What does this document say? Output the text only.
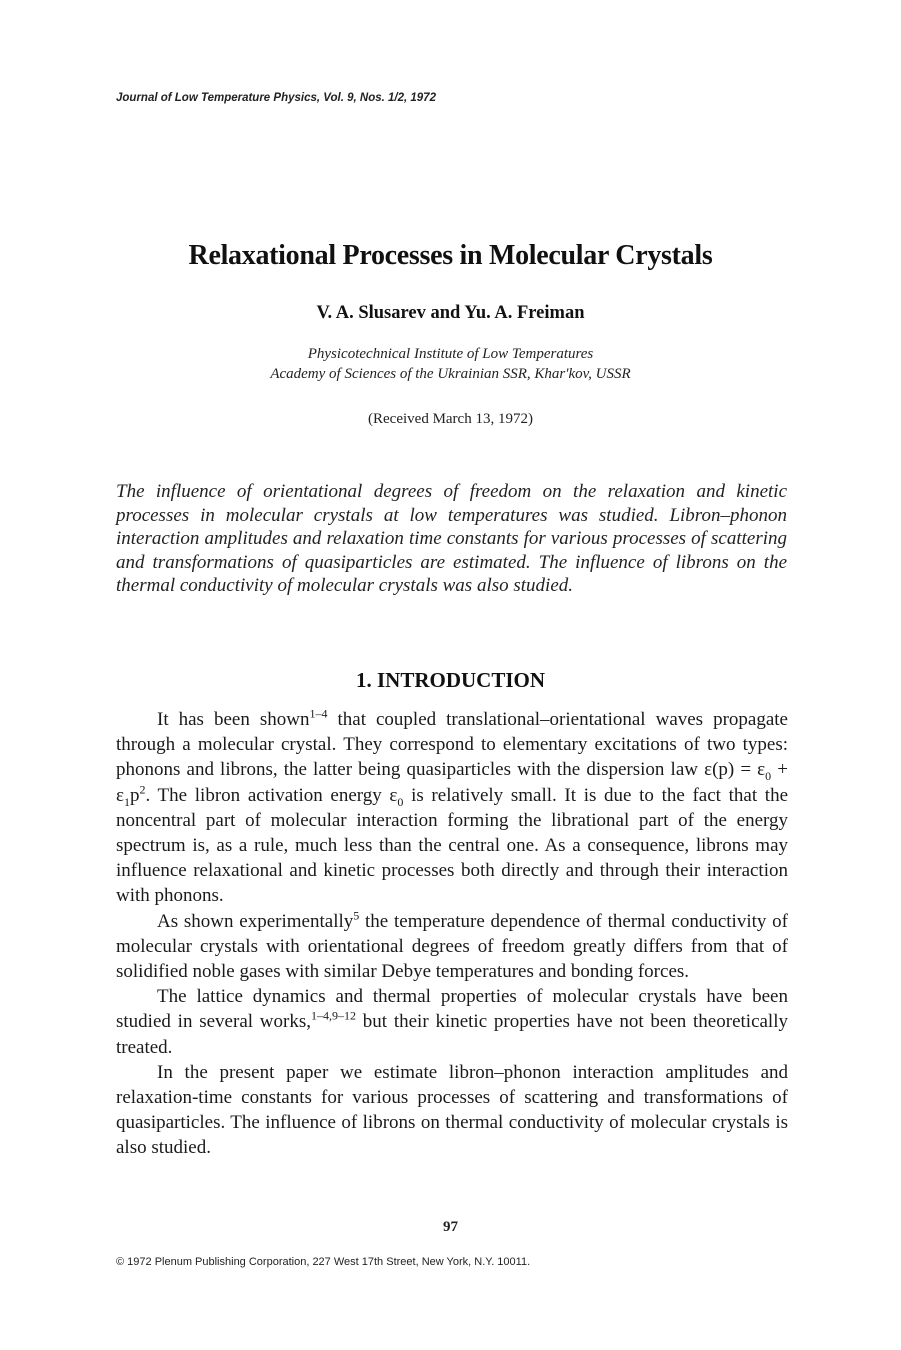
Journal of Low Temperature Physics, Vol. 9, Nos. 1/2, 1972
Relaxational Processes in Molecular Crystals
V. A. Slusarev and Yu. A. Freiman
Physicotechnical Institute of Low Temperatures
Academy of Sciences of the Ukrainian SSR, Khar'kov, USSR
(Received March 13, 1972)
The influence of orientational degrees of freedom on the relaxation and kinetic processes in molecular crystals at low temperatures was studied. Libron–phonon interaction amplitudes and relaxation time constants for various processes of scattering and transformations of quasiparticles are estimated. The influence of librons on the thermal conductivity of molecular crystals was also studied.
1. INTRODUCTION

It has been shown$^{1-4}$ that coupled translational–orientational waves propagate through a molecular crystal. They correspond to elementary excitations of two types: phonons and librons, the latter being quasiparticles with the dispersion law $\varepsilon(p) = \varepsilon_0 + \varepsilon_1p^2$. The libron activation energy $\varepsilon_0$ is relatively small. It is due to the fact that the noncentral part of molecular interaction forming the librational part of the energy spectrum is, as a rule, much less than the central one. As a consequence, librons may influence relaxational and kinetic processes both directly and through their interaction with phonons.

As shown experimentally$^5$ the temperature dependence of thermal conductivity of molecular crystals with orientational degrees of freedom greatly differs from that of solidified noble gases with similar Debye temperatures and bonding forces.

The lattice dynamics and thermal properties of molecular crystals have been studied in several works,$^{1-4,9-12}$ but their kinetic properties have not been theoretically treated.

In the present paper we estimate libron–phonon interaction amplitudes and relaxation-time constants for various processes of scattering and transformations of quasiparticles. The influence of librons on thermal conductivity of molecular crystals is also studied.

97
© 1972 Plenum Publishing Corporation, 227 West 17th Street, New York, N.Y. 10011.
